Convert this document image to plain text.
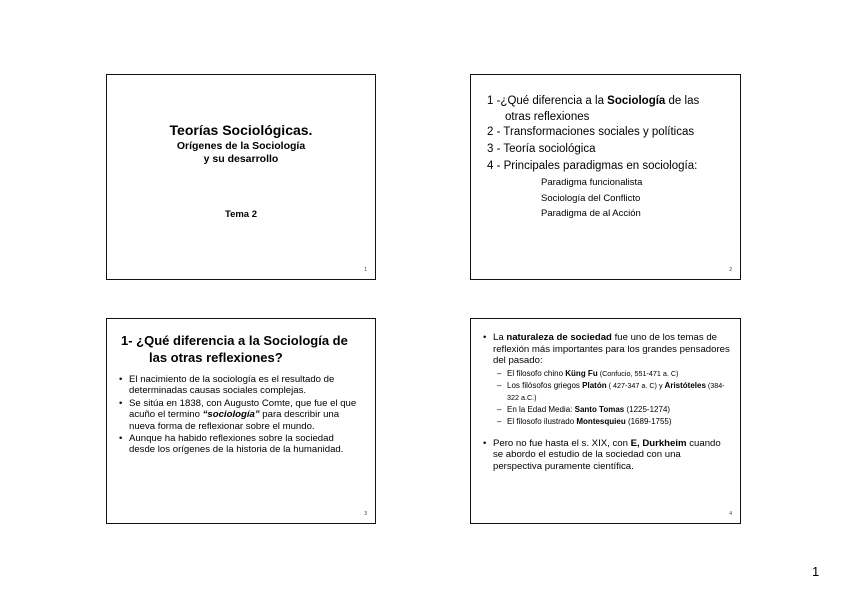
Teorías Sociológicas.
Orígenes de la Sociología
y su desarrollo
Tema 2
1
1 -¿Qué diferencia a la Sociología de las
otras reflexiones
2 - Transformaciones sociales y políticas
3 - Teoría sociológica
4 - Principales paradigmas en sociología:
Paradigma funcionalista
Sociología del Conflicto
Paradigma de al Acción
2
1- ¿Qué diferencia a la Sociología de
las otras reflexiones?
• El nacimiento de la sociología es el resultado de determinadas causas sociales complejas.
• Se sitúa en 1838, con Augusto Comte, que fue el que acuño el termino “sociología” para describir una nueva forma de reflexionar sobre el mundo.
• Aunque ha habido reflexiones sobre la sociedad desde los orígenes de la historia de la humanidad.
3
• La naturaleza de sociedad fue uno de los temas de reflexión más importantes para los grandes pensadores del pasado:
– El filosofo chino Küng Fu (Confucio, 551-471 a. C)
– Los filósofos griegos Platón ( 427-347 a. C) y Aristóteles (384-322 a.C.)
– En la Edad Media: Santo Tomas (1225-1274)
– El filosofo ilustrado Montesquieu (1689-1755)
• Pero no fue hasta el s. XIX, con E, Durkheim cuando se abordo el estudio de la sociedad con una perspectiva puramente científica.
4
1
